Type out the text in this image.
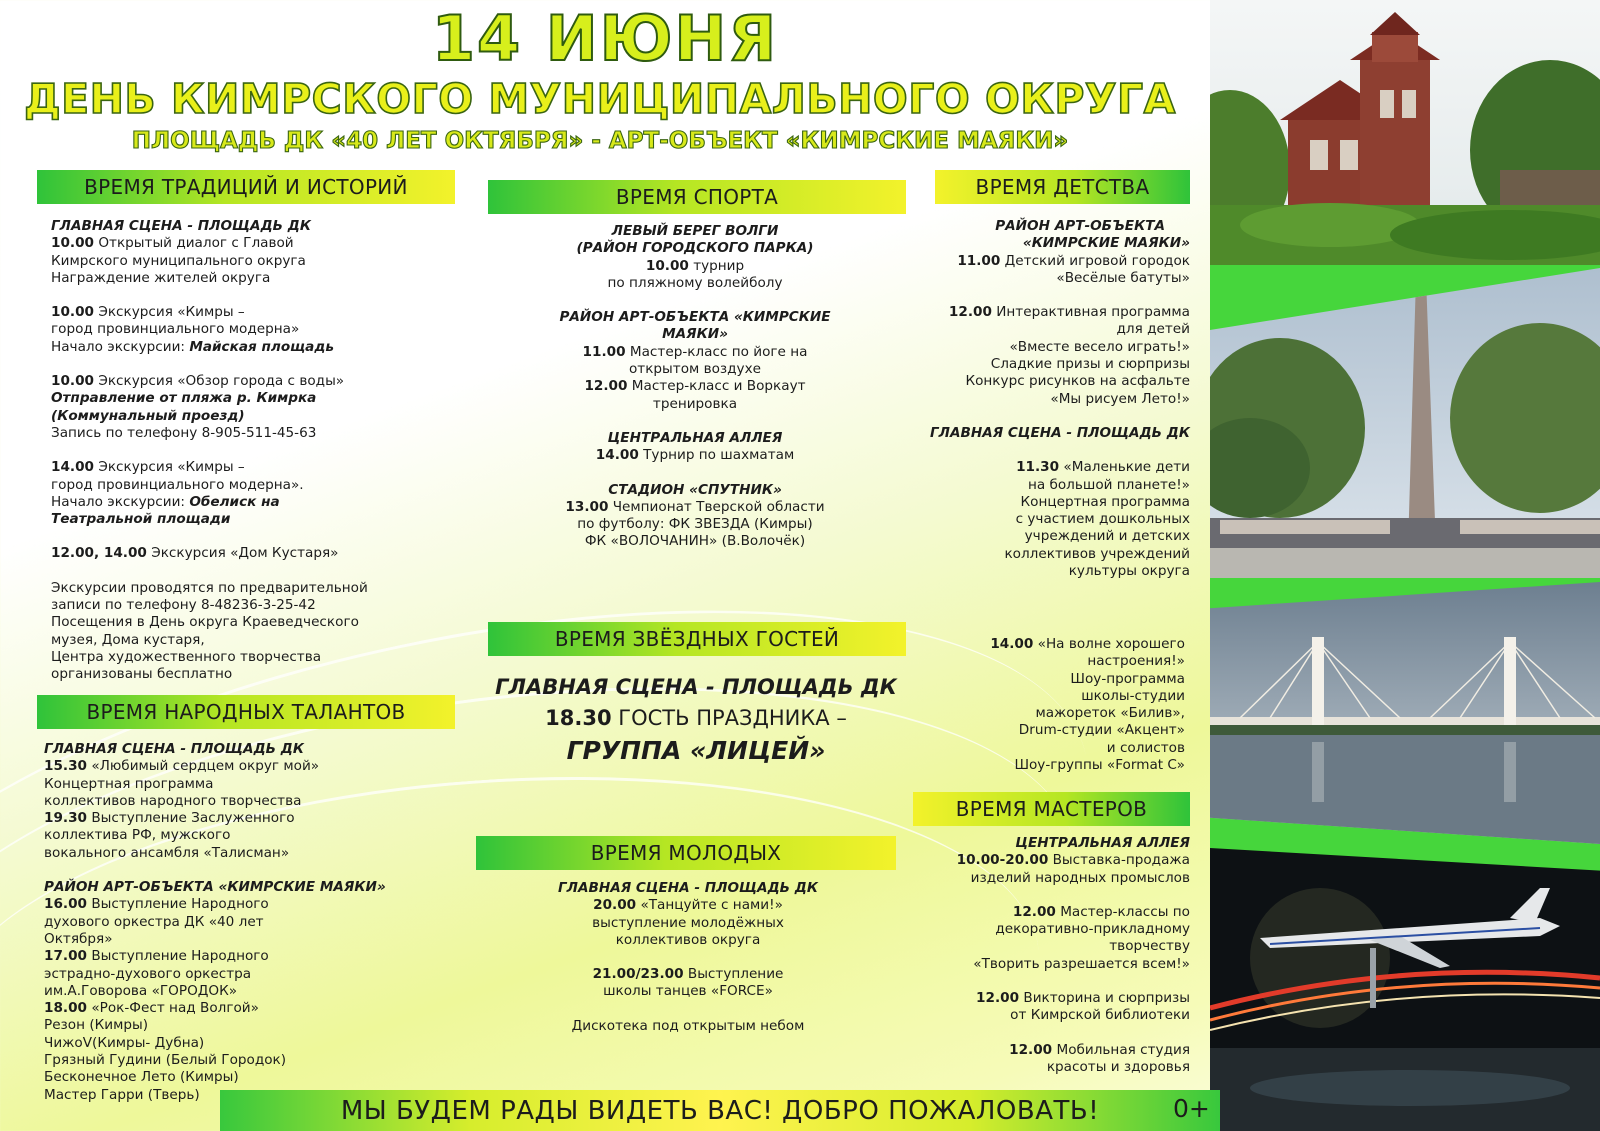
14 ИЮНЯ
ДЕНЬ КИМРСКОГО МУНИЦИПАЛЬНОГО ОКРУГА
ПЛОЩАДЬ ДК «40 ЛЕТ ОКТЯБРЯ» - АРТ-ОБЪЕКТ «КИМРСКИЕ МАЯКИ»
ВРЕМЯ ТРАДИЦИЙ И ИСТОРИЙ
ГЛАВНАЯ СЦЕНА - ПЛОЩАДЬ ДК
10.00 Открытый диалог с Главой
Кимрского муниципального округа
Награждение жителей округа
10.00 Экскурсия «Кимры –
город провинциального модерна»
Начало экскурсии: Майская площадь
10.00 Экскурсия «Обзор города с воды»
Отправление от пляжа р. Кимрка
(Коммунальный проезд)
Запись по телефону 8-905-511-45-63
14.00 Экскурсия «Кимры –
город провинциального модерна».
Начало экскурсии: Обелиск на
Театральной площади
12.00, 14.00 Экскурсия «Дом Кустаря»
Экскурсии проводятся по предварительной
записи по телефону 8-48236-3-25-42
Посещения в День округа Краеведческого
музея, Дома кустаря,
Центра художественного творчества
организованы бесплатно
ВРЕМЯ НАРОДНЫХ ТАЛАНТОВ
ГЛАВНАЯ СЦЕНА - ПЛОЩАДЬ ДК
15.30 «Любимый сердцем округ мой»
Концертная программа
коллективов народного творчества
19.30 Выступление Заслуженного
коллектива РФ, мужского
вокального ансамбля «Талисман»
РАЙОН АРТ-ОБЪЕКТА «КИМРСКИЕ МАЯКИ»
16.00 Выступление Народного
духового оркестра ДК «40 лет
Октября»
17.00 Выступление Народного
эстрадно-духового оркестра
им.А.Говорова «ГОРОДОК»
18.00 «Рок-Фест над Волгой»
Резон (Кимры)
ЧижоV(Кимры- Дубна)
Грязный Гудини (Белый Городок)
Бесконечное Лето (Кимры)
Мастер Гарри (Тверь)
ВРЕМЯ СПОРТА
ЛЕВЫЙ БЕРЕГ ВОЛГИ
(РАЙОН ГОРОДСКОГО ПАРКА)
10.00 турнир
по пляжному волейболу
РАЙОН АРТ-ОБЪЕКТА «КИМРСКИЕ
МАЯКИ»
11.00 Мастер-класс по йоге на
открытом воздухе
12.00 Мастер-класс и Воркаут
тренировка
ЦЕНТРАЛЬНАЯ АЛЛЕЯ
14.00 Турнир по шахматам
СТАДИОН «СПУТНИК»
13.00 Чемпионат Тверской области
по футболу: ФК ЗВЕЗДА (Кимры)
ФК «ВОЛОЧАНИН» (В.Волочёк)
ВРЕМЯ ЗВЁЗДНЫХ ГОСТЕЙ
ГЛАВНАЯ СЦЕНА - ПЛОЩАДЬ ДК
18.30 ГОСТЬ ПРАЗДНИКА –
ГРУППА «ЛИЦЕЙ»
ВРЕМЯ МОЛОДЫХ
ГЛАВНАЯ СЦЕНА - ПЛОЩАДЬ ДК
20.00 «Танцуйте с нами!»
выступление молодёжных
коллективов округа
21.00/23.00 Выступление
школы танцев «FORCE»
Дискотека под открытым небом
ВРЕМЯ ДЕТСТВА
РАЙОН АРТ-ОБЪЕКТА
«КИМРСКИЕ МАЯКИ»
11.00 Детский игровой городок
«Весёлые батуты»
12.00 Интерактивная программа
для детей
«Вместе весело играть!»
Сладкие призы и сюрпризы
Конкурс рисунков на асфальте
«Мы рисуем Лето!»
ГЛАВНАЯ СЦЕНА - ПЛОЩАДЬ ДК
11.30 «Маленькие дети
на большой планете!»
Концертная программа
с участием дошкольных
учреждений и детских
коллективов учреждений
культуры округа
14.00 «На волне хорошего
настроения!»
Шоу-программа
школы-студии
мажореток «Билив»,
Drum-студии «Акцент»
и солистов
Шоу-группы «Format C»
ВРЕМЯ МАСТЕРОВ
ЦЕНТРАЛЬНАЯ АЛЛЕЯ
10.00-20.00 Выставка-продажа
изделий народных промыслов
12.00 Мастер-классы по
декоративно-прикладному
творчеству
«Творить разрешается всем!»
12.00 Викторина и сюрпризы
от Кимрской библиотеки
12.00 Мобильная студия
красоты и здоровья
МЫ БУДЕМ РАДЫ ВИДЕТЬ ВАС! ДОБРО ПОЖАЛОВАТЬ!	0+
